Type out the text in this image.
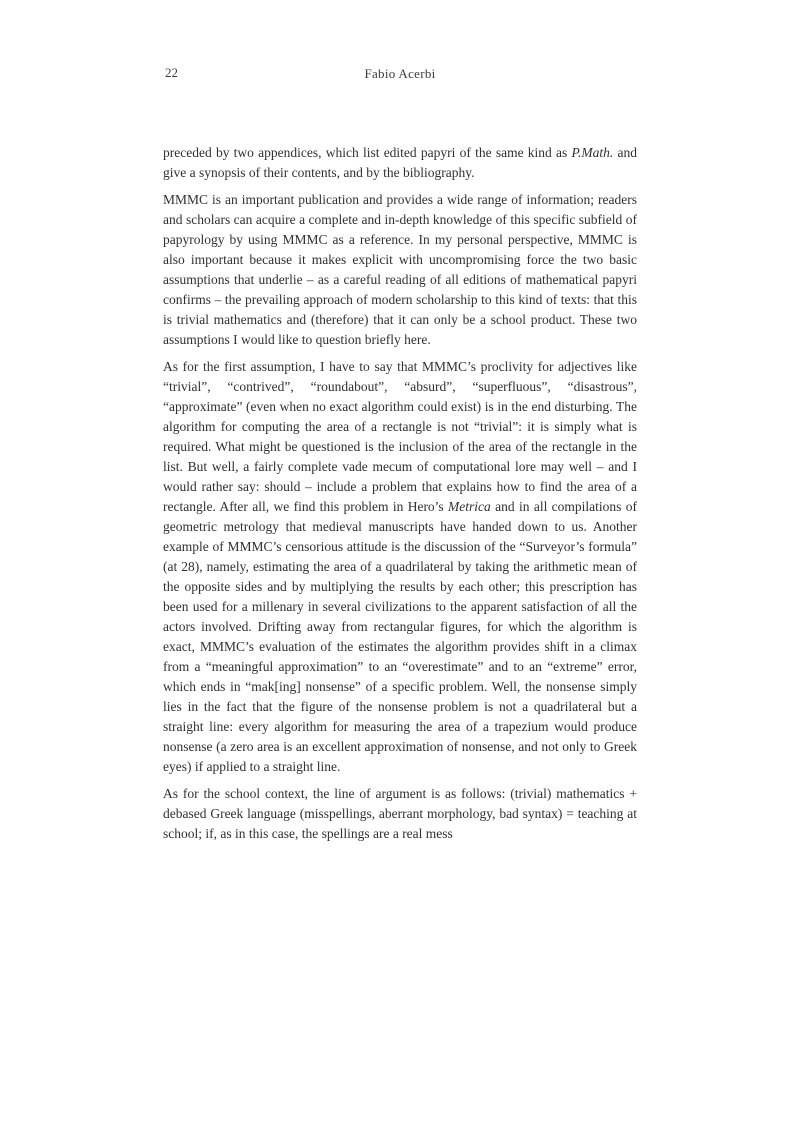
22	Fabio Acerbi

preceded by two appendices, which list edited papyri of the same kind as P.Math. and give a synopsis of their contents, and by the bibliography.

MMMC is an important publication and provides a wide range of information; readers and scholars can acquire a complete and in-depth knowledge of this specific subfield of papyrology by using MMMC as a reference. In my personal perspective, MMMC is also important because it makes explicit with uncompromising force the two basic assumptions that underlie – as a careful reading of all editions of mathematical papyri confirms – the prevailing approach of modern scholarship to this kind of texts: that this is trivial mathematics and (therefore) that it can only be a school product. These two assumptions I would like to question briefly here.

As for the first assumption, I have to say that MMMC’s proclivity for adjectives like “trivial”, “contrived”, “roundabout”, “absurd”, “superfluous”, “disastrous”, “approximate” (even when no exact algorithm could exist) is in the end disturbing. The algorithm for computing the area of a rectangle is not “trivial”: it is simply what is required. What might be questioned is the inclusion of the area of the rectangle in the list. But well, a fairly complete vade mecum of computational lore may well – and I would rather say: should – include a problem that explains how to find the area of a rectangle. After all, we find this problem in Hero’s Metrica and in all compilations of geometric metrology that medieval manuscripts have handed down to us. Another example of MMMC’s censorious attitude is the discussion of the “Surveyor’s formula” (at 28), namely, estimating the area of a quadrilateral by taking the arithmetic mean of the opposite sides and by multiplying the results by each other; this prescription has been used for a millenary in several civilizations to the apparent satisfaction of all the actors involved. Drifting away from rectangular figures, for which the algorithm is exact, MMMC’s evaluation of the estimates the algorithm provides shift in a climax from a “meaningful approximation” to an “overestimate” and to an “extreme” error, which ends in “mak[ing] nonsense” of a specific problem. Well, the nonsense simply lies in the fact that the figure of the nonsense problem is not a quadrilateral but a straight line: every algorithm for measuring the area of a trapezium would produce nonsense (a zero area is an excellent approximation of nonsense, and not only to Greek eyes) if applied to a straight line.

As for the school context, the line of argument is as follows: (trivial) mathematics + debased Greek language (misspellings, aberrant morphology, bad syntax) = teaching at school; if, as in this case, the spellings are a real mess
